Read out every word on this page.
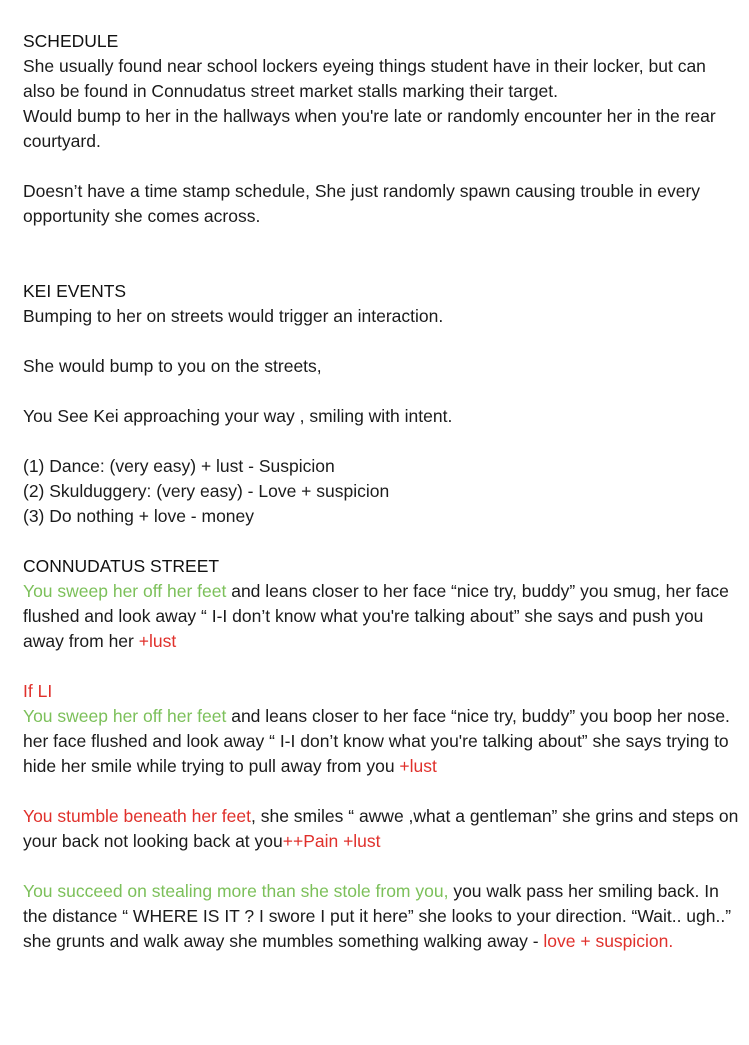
SCHEDULE

She usually found near school lockers eyeing things student have in their locker, but can also be found in Connudatus street market stalls marking their target.

Would bump to her in the hallways when you're late or randomly encounter her in the rear courtyard.

Doesn’t have a time stamp schedule, She just randomly spawn causing trouble in every opportunity she comes across.

KEI EVENTS

Bumping to her on streets would trigger an interaction.

She would bump to you on the streets,

You See Kei approaching your way , smiling with intent.

(1) Dance: (very easy) + lust - Suspicion

(2) Skulduggery: (very easy) - Love + suspicion

(3) Do nothing + love - money

CONNUDATUS STREET

You sweep her off her feet and leans closer to her face “nice try, buddy” you smug, her face flushed and look away “ I-I don’t know what you're talking about” she says and push you away from her +lust

If LI

You sweep her off her feet and leans closer to her face “nice try, buddy” you boop her nose. her face flushed and look away “ I-I don’t know what you're talking about” she says trying to hide her smile while trying to pull away from you +lust

You stumble beneath her feet, she smiles “ awwe ,what a gentleman” she grins and steps on your back not looking back at you++Pain +lust

You succeed on stealing more than she stole from you, you walk pass her smiling back. In the distance “ WHERE IS IT ? I swore I put it here” she looks to your direction. “Wait.. ugh..” she grunts and walk away she mumbles something walking away - love + suspicion.
